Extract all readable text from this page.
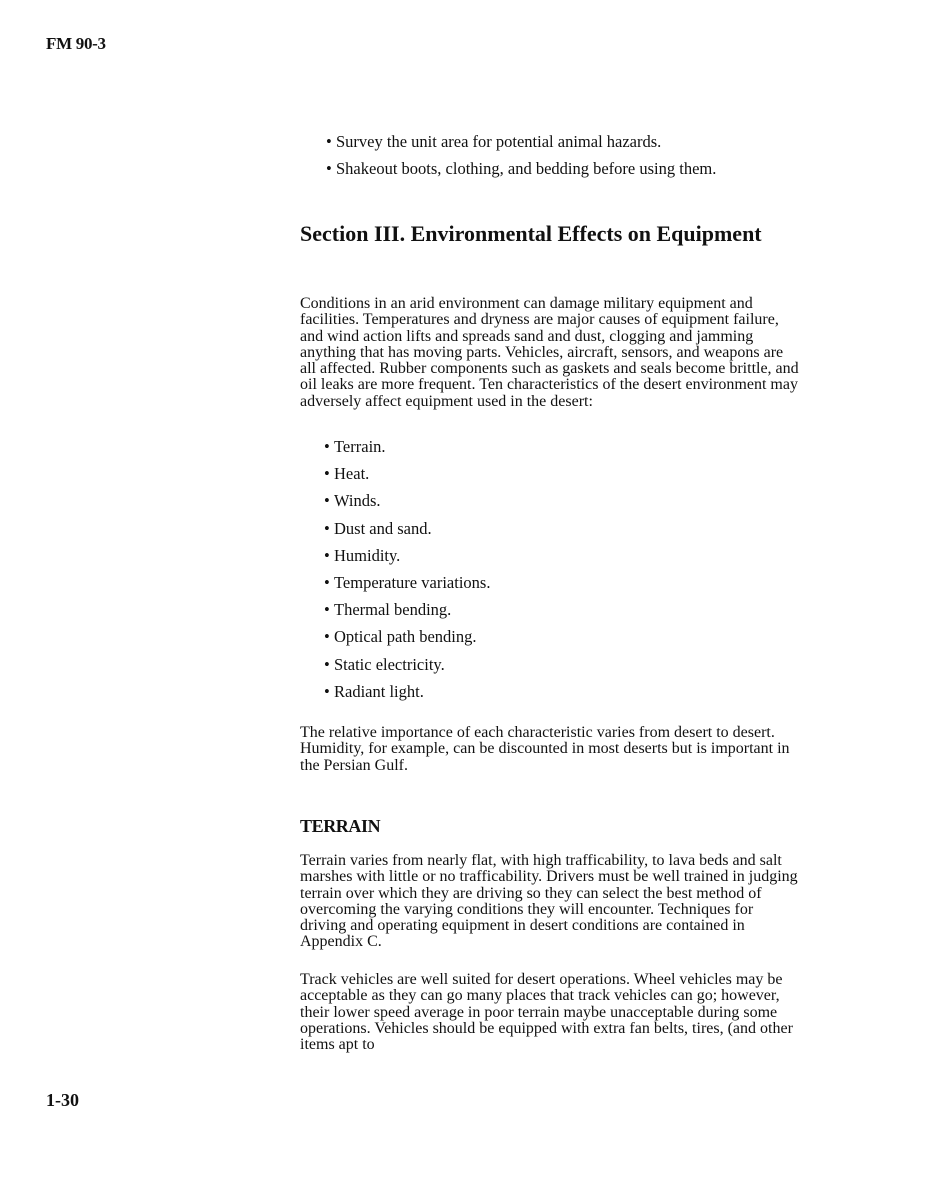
FM 90-3

• Survey the unit area for potential animal hazards.
• Shakeout boots, clothing, and bedding before using them.
Section III. Environmental Effects on Equipment

Conditions in an arid environment can damage military equipment and facilities. Temperatures and dryness are major causes of equipment failure, and wind action lifts and spreads sand and dust, clogging and jamming anything that has moving parts. Vehicles, aircraft, sensors, and weapons are all affected. Rubber components such as gaskets and seals become brittle, and oil leaks are more frequent. Ten characteristics of the desert environment may adversely affect equipment used in the desert:

• Terrain.
• Heat.
• Winds.
• Dust and sand.
• Humidity.
• Temperature variations.
• Thermal bending.
• Optical path bending.
• Static electricity.
• Radiant light.

The relative importance of each characteristic varies from desert to desert. Humidity, for example, can be discounted in most deserts but is important in the Persian Gulf.

TERRAIN

Terrain varies from nearly flat, with high trafficability, to lava beds and salt marshes with little or no trafficability. Drivers must be well trained in judging terrain over which they are driving so they can select the best method of overcoming the varying conditions they will encounter. Techniques for driving and operating equipment in desert conditions are contained in Appendix C.

Track vehicles are well suited for desert operations. Wheel vehicles may be acceptable as they can go many places that track vehicles can go; however, their lower speed average in poor terrain maybe unacceptable during some operations. Vehicles should be equipped with extra fan belts, tires, (and other items apt to

1-30
